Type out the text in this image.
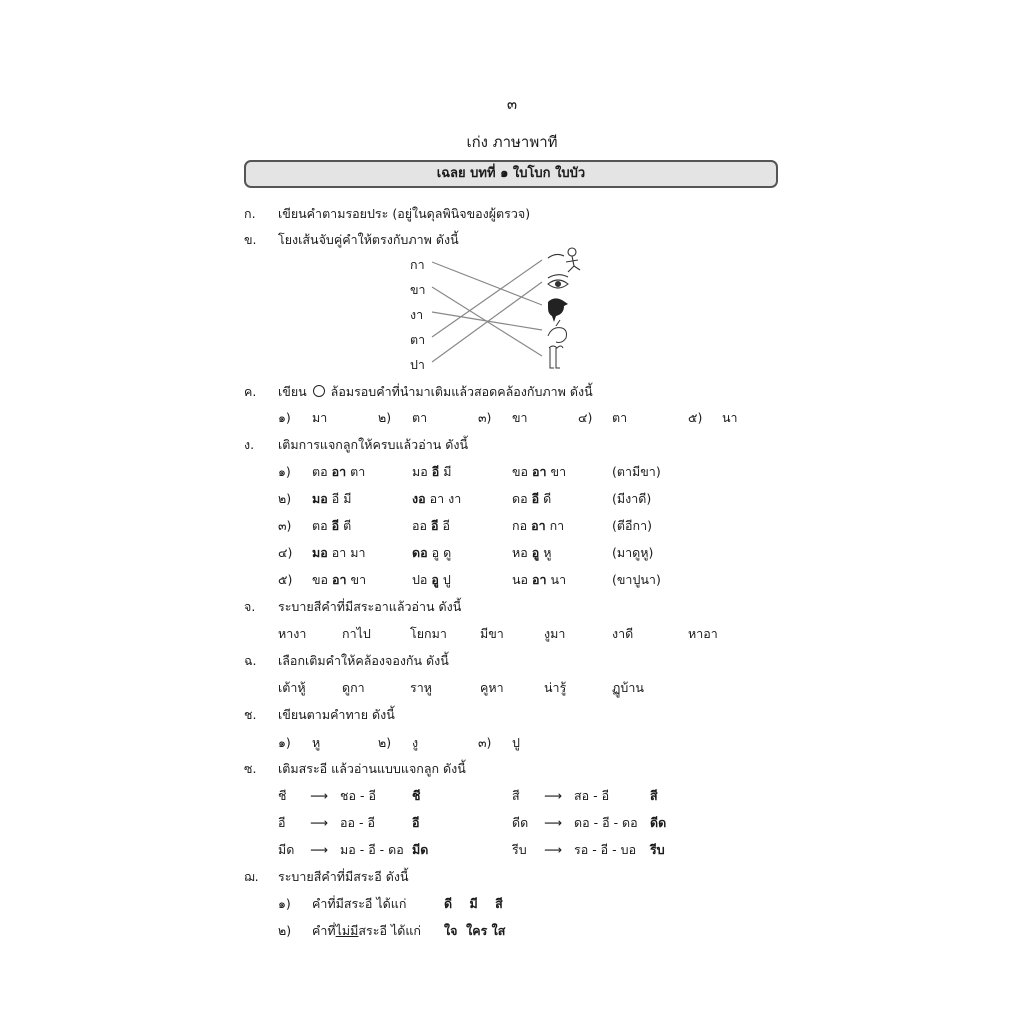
๓
เก่ง ภาษาพาที
เฉลย บทที่ ๑ ใบโบก ใบบัว
ก. เขียนคำตามรอยประ (อยู่ในดุลพินิจของผู้ตรวจ)
ข. โยงเส้นจับคู่คำให้ตรงกับภาพ ดังนี้
กา
ขา
งา
ตา
ปา
ค. เขียน ล้อมรอบคำที่นำมาเติมแล้วสอดคล้องกับภาพ ดังนี้
๑) มา	๒) ตา	๓) ขา	๔) ตา	๕) นา
ง. เติมการแจกลูกให้ครบแล้วอ่าน ดังนี้
๑) ตอ อา ตา	มอ อี มี	ขอ อา ขา	(ตามีขา)
๒) มอ อี มี	งอ อา งา	ดอ อี ดี	(มีงาดี)
๓) ตอ อี ตี	ออ อี อี	กอ อา กา	(ตีอีกา)
๔) มอ อา มา	ดอ อู ดู	หอ อู หู	(มาดูหู)
๕) ขอ อา ขา	ปอ อู ปู	นอ อา นา	(ขาปูนา)
จ. ระบายสีคำที่มีสระอาแล้วอ่าน ดังนี้
หางา	กาไป	โยกมา	มีขา	งูมา	งาดี	หาอา
ฉ. เลือกเติมคำให้คล้องจองกัน ดังนี้
เต้าหู้	ดูกา	ราหู	คูหา	น่ารู้	ฏูบ้าน
ช. เขียนตามคำทาย ดังนี้
๑) หู	๒) งู	๓) ปู
ซ. เติมสระอี แล้วอ่านแบบแจกลูก ดังนี้
ชี ⟶ ชอ - อี	ชี	สี ⟶ สอ - อี	สี
อี ⟶ ออ - อี	อี	ดีด ⟶ ดอ - อี - ดอ ดีด
มีด ⟶ มอ - อี - ดอ มีด	รีบ ⟶ รอ - อี - บอ รีบ
ฌ. ระบายสีคำที่มีสระอี ดังนี้
๑) คำที่มีสระอี ได้แก่	ดี    มี    สี
๒) คำที่ไม่มีสระอี ได้แก่ ใจ  ใคร ใส
